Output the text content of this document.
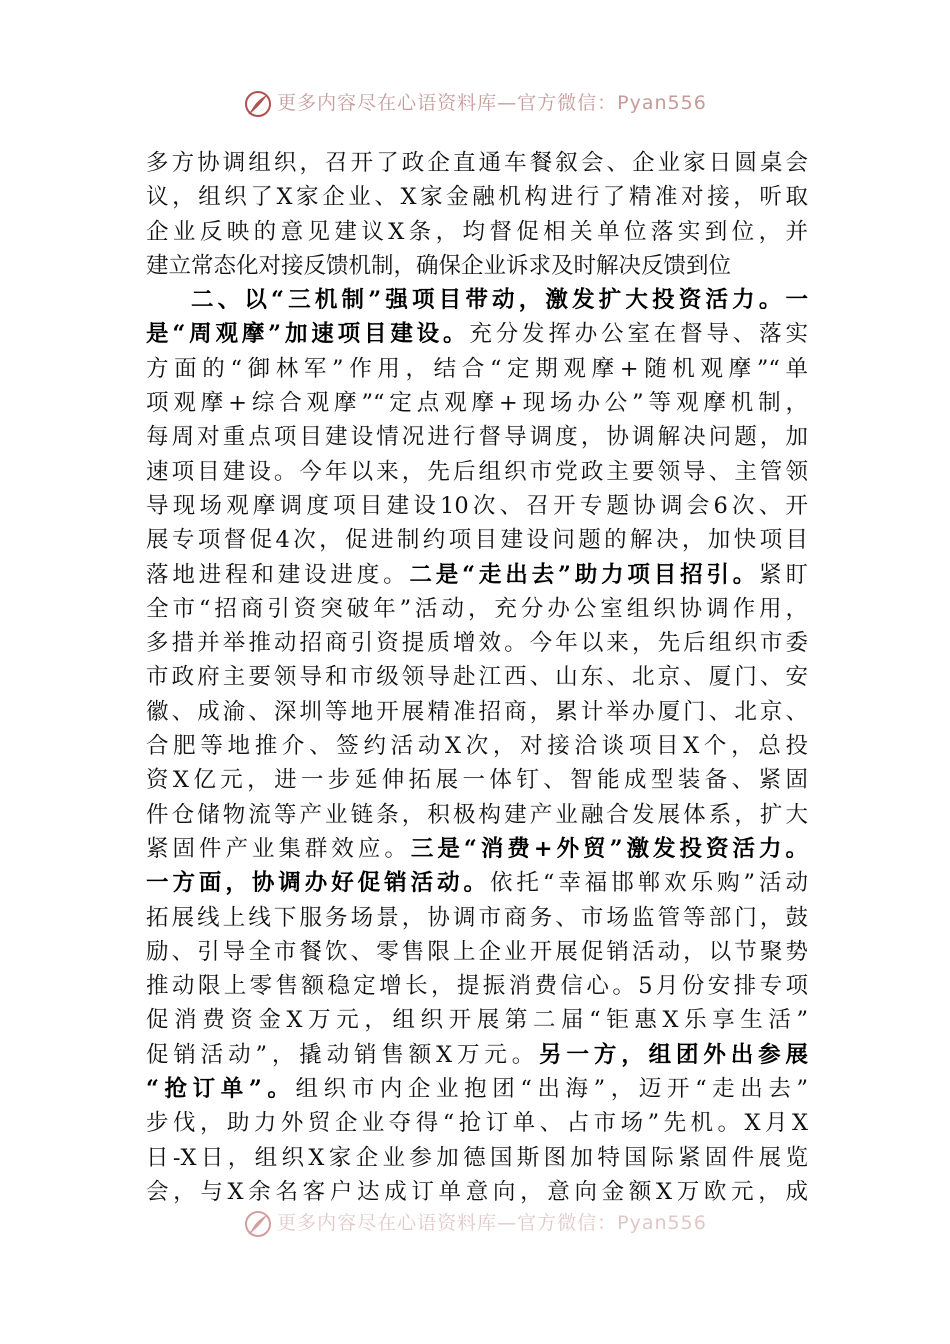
更多内容尽在心语资料库—官方微信：Pyan556
多方协调组织，召开了政企直通车餐叙会、企业家日圆桌会
议，组织了X家企业、X家金融机构进行了精准对接，听取
企业反映的意见建议X条，均督促相关单位落实到位，并
建立常态化对接反馈机制，确保企业诉求及时解决反馈到位
二、以“三机制”强项目带动，激发扩大投资活力。一
是“周观摩”加速项目建设。充分发挥办公室在督导、落实
方面的“御林军”作用，结合“定期观摩+随机观摩”“单
项观摩+综合观摩”“定点观摩+现场办公”等观摩机制，
每周对重点项目建设情况进行督导调度，协调解决问题，加
速项目建设。今年以来，先后组织市党政主要领导、主管领
导现场观摩调度项目建设10次、召开专题协调会6次、开
展专项督促4次，促进制约项目建设问题的解决，加快项目
落地进程和建设进度。二是“走出去”助力项目招引。紧盯
全市“招商引资突破年”活动，充分办公室组织协调作用，
多措并举推动招商引资提质增效。今年以来，先后组织市委
市政府主要领导和市级领导赴江西、山东、北京、厦门、安
徽、成渝、深圳等地开展精准招商，累计举办厦门、北京、
合肥等地推介、签约活动X次，对接洽谈项目X个，总投
资X亿元，进一步延伸拓展一体钉、智能成型装备、紧固
件仓储物流等产业链条，积极构建产业融合发展体系，扩大
紧固件产业集群效应。三是“消费+外贸”激发投资活力。
一方面，协调办好促销活动。依托“幸福邯郸欢乐购”活动
拓展线上线下服务场景，协调市商务、市场监管等部门，鼓
励、引导全市餐饮、零售限上企业开展促销活动，以节聚势
推动限上零售额稳定增长，提振消费信心。5月份安排专项
促消费资金X万元，组织开展第二届“钜惠X乐享生活”
促销活动”，撬动销售额X万元。另一方，组团外出参展
“抢订单”。组织市内企业抱团“出海”，迈开“走出去”
步伐，助力外贸企业夺得“抢订单、占市场”先机。X月X
日-X日，组织X家企业参加德国斯图加特国际紧固件展览
会，与X余名客户达成订单意向，意向金额X万欧元，成
更多内容尽在心语资料库—官方微信：Pyan556
